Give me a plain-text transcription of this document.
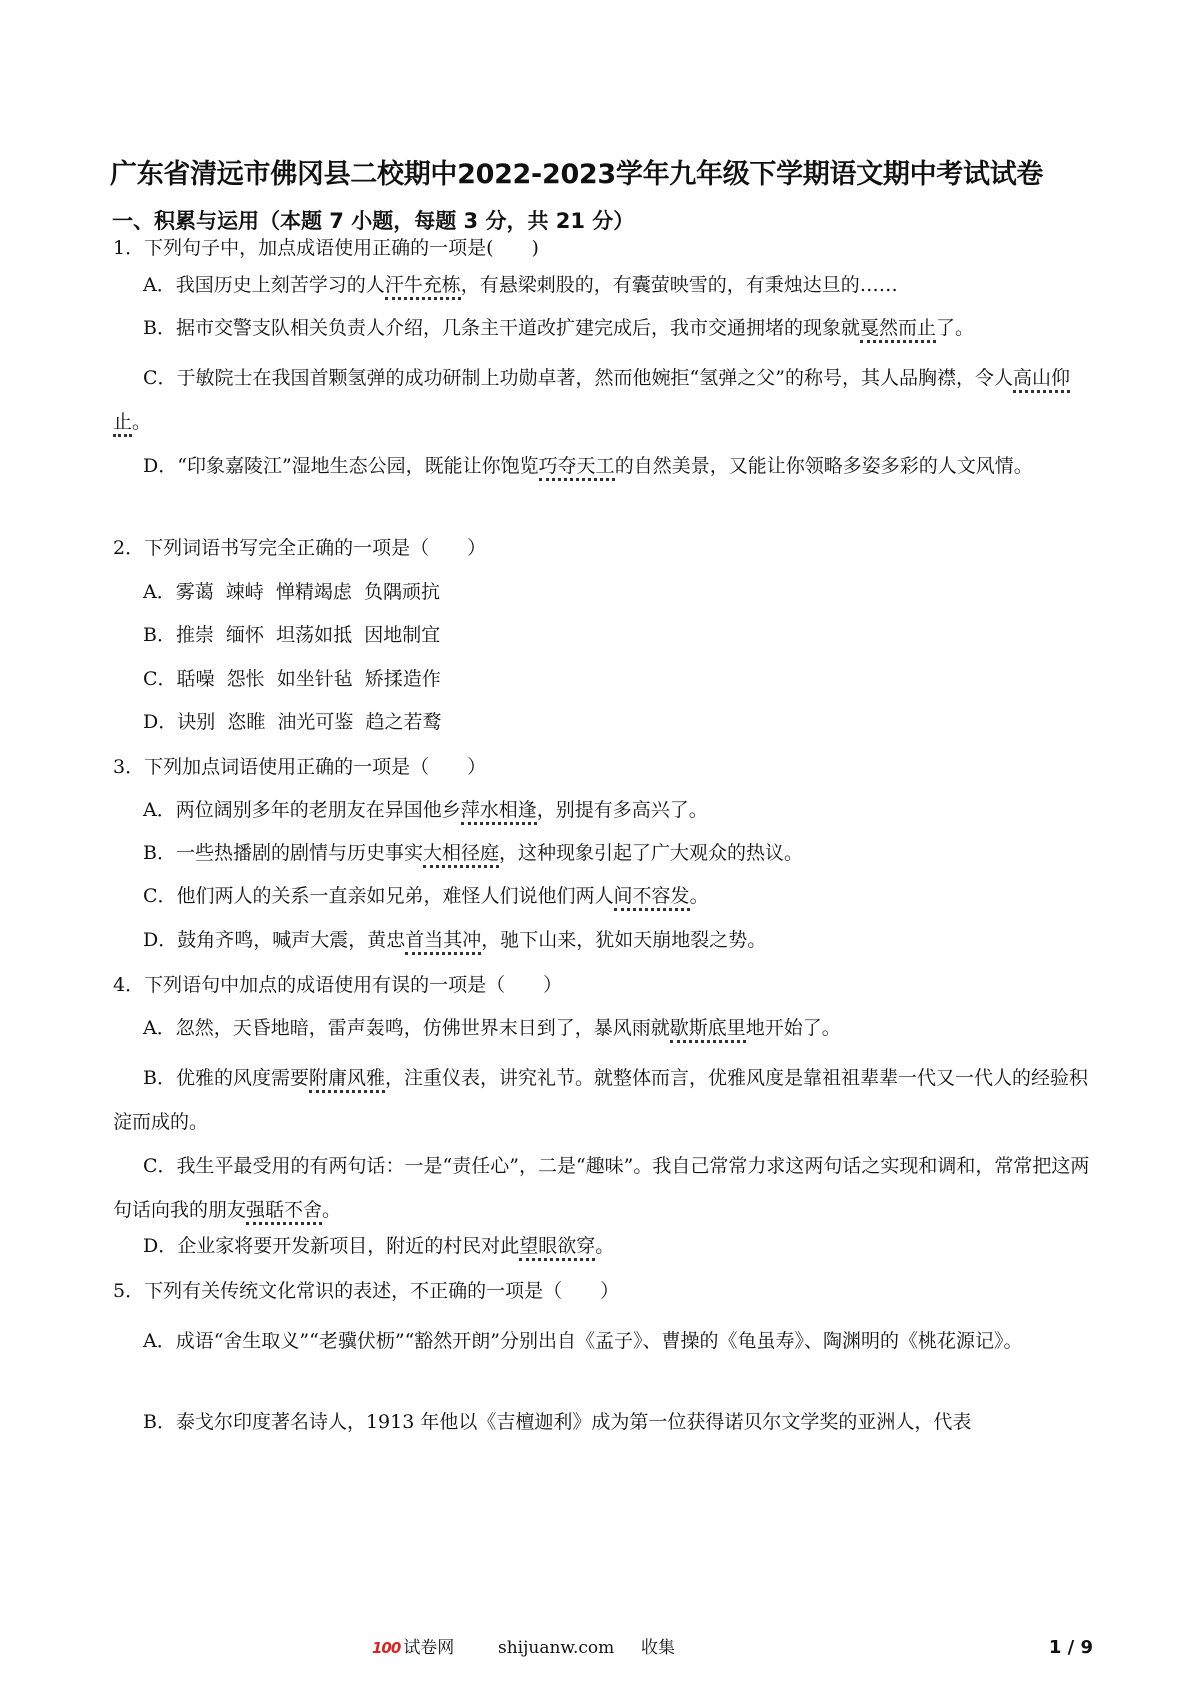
广东省清远市佛冈县二校期中2022-2023学年九年级下学期语文期中考试试卷
一、积累与运用（本题 7 小题，每题 3 分，共 21 分）
1．下列句子中，加点成语使用正确的一项是(　　)
A．我国历史上刻苦学习的人汗牛充栋，有悬梁刺股的，有囊萤映雪的，有秉烛达旦的……
B．据市交警支队相关负责人介绍，几条主干道改扩建完成后，我市交通拥堵的现象就戛然而止了。
C．于敏院士在我国首颗氢弹的成功研制上功勋卓著，然而他婉拒“氢弹之父”的称号，其人品胸襟，令人高山仰止。
D．“印象嘉陵江”湿地生态公园，既能让你饱览巧夺天工的自然美景，又能让你领略多姿多彩的人文风情。
2．下列词语书写完全正确的一项是（　　）
A．雾蔼  竦峙  惮精竭虑  负隅顽抗
B．推崇  缅怀  坦荡如抵  因地制宜
C．聒噪  怨怅  如坐针毡  矫揉造作
D．诀别  恣睢  油光可鉴  趋之若鹜
3．下列加点词语使用正确的一项是（　　）
A．两位阔别多年的老朋友在异国他乡萍水相逢，别提有多高兴了。
B．一些热播剧的剧情与历史事实大相径庭，这种现象引起了广大观众的热议。
C．他们两人的关系一直亲如兄弟，难怪人们说他们两人间不容发。
D．鼓角齐鸣，喊声大震，黄忠首当其冲，驰下山来，犹如天崩地裂之势。
4．下列语句中加点的成语使用有误的一项是（　　）
A．忽然，天昏地暗，雷声轰鸣，仿佛世界末日到了，暴风雨就歇斯底里地开始了。
B．优雅的风度需要附庸风雅，注重仪表，讲究礼节。就整体而言，优雅风度是靠祖祖辈辈一代又一代人的经验积淀而成的。
C．我生平最受用的有两句话：一是“责任心”，二是“趣味”。我自己常常力求这两句话之实现和调和，常常把这两句话向我的朋友强聒不舍。
D．企业家将要开发新项目，附近的村民对此望眼欲穿。
5．下列有关传统文化常识的表述，不正确的一项是（　　）
A．成语“舍生取义”“老骥伏枥”“豁然开朗”分别出自《孟子》、曹操的《龟虽寿》、陶渊明的《桃花源记》。
B．泰戈尔印度著名诗人，1913 年他以《吉檀迦利》成为第一位获得诺贝尔文学奖的亚洲人，代表
100 试卷网	shijuanw.com 收集	1 / 9
